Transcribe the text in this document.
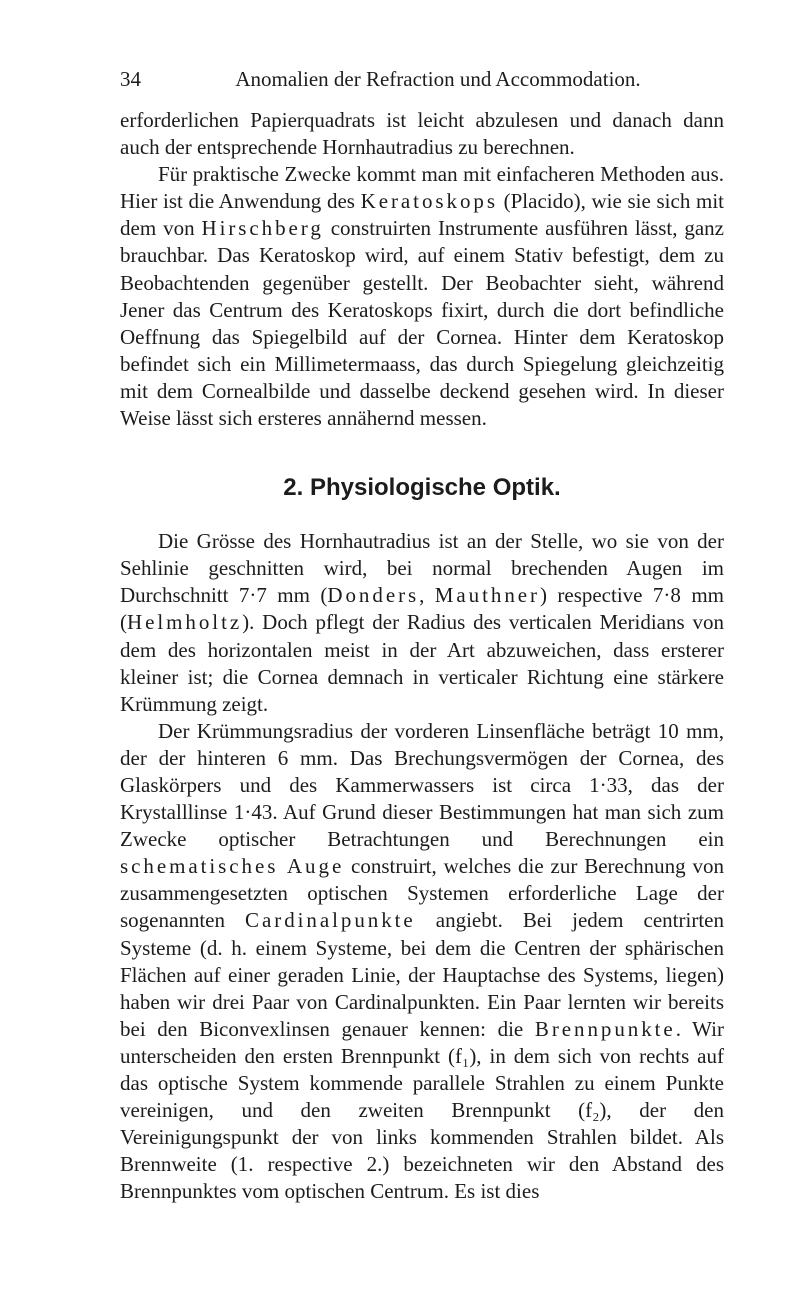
34	Anomalien der Refraction und Accommodation.

erforderlichen Papierquadrats ist leicht abzulesen und danach dann auch der entsprechende Hornhautradius zu berechnen.

Für praktische Zwecke kommt man mit einfacheren Methoden aus. Hier ist die Anwendung des Keratoskops (Placido), wie sie sich mit dem von Hirschberg construirten Instrumente ausführen lässt, ganz brauchbar. Das Keratoskop wird, auf einem Stativ befestigt, dem zu Beobachtenden gegenüber gestellt. Der Beobachter sieht, während Jener das Centrum des Keratoskops fixirt, durch die dort befindliche Oeffnung das Spiegelbild auf der Cornea. Hinter dem Keratoskop befindet sich ein Millimetermaass, das durch Spiegelung gleichzeitig mit dem Cornealbilde und dasselbe deckend gesehen wird. In dieser Weise lässt sich ersteres annähernd messen.

2. Physiologische Optik.

Die Grösse des Hornhautradius ist an der Stelle, wo sie von der Sehlinie geschnitten wird, bei normal brechenden Augen im Durchschnitt 7·7 mm (Donders, Mauthner) respective 7·8 mm (Helmholtz). Doch pflegt der Radius des verticalen Meridians von dem des horizontalen meist in der Art abzuweichen, dass ersterer kleiner ist; die Cornea demnach in verticaler Richtung eine stärkere Krümmung zeigt.

Der Krümmungsradius der vorderen Linsenfläche beträgt 10 mm, der der hinteren 6 mm. Das Brechungsvermögen der Cornea, des Glaskörpers und des Kammerwassers ist circa 1·33, das der Krystalllinse 1·43. Auf Grund dieser Bestimmungen hat man sich zum Zwecke optischer Betrachtungen und Berechnungen ein schematisches Auge construirt, welches die zur Berechnung von zusammengesetzten optischen Systemen erforderliche Lage der sogenannten Cardinalpunkte angiebt. Bei jedem centrirten Systeme (d. h. einem Systeme, bei dem die Centren der sphärischen Flächen auf einer geraden Linie, der Hauptachse des Systems, liegen) haben wir drei Paar von Cardinalpunkten. Ein Paar lernten wir bereits bei den Biconvexlinsen genauer kennen: die Brennpunkte. Wir unterscheiden den ersten Brennpunkt (f₁), in dem sich von rechts auf das optische System kommende parallele Strahlen zu einem Punkte vereinigen, und den zweiten Brennpunkt (f₂), der den Vereinigungspunkt der von links kommenden Strahlen bildet. Als Brennweite (1. respective 2.) bezeichneten wir den Abstand des Brennpunktes vom optischen Centrum. Es ist dies
